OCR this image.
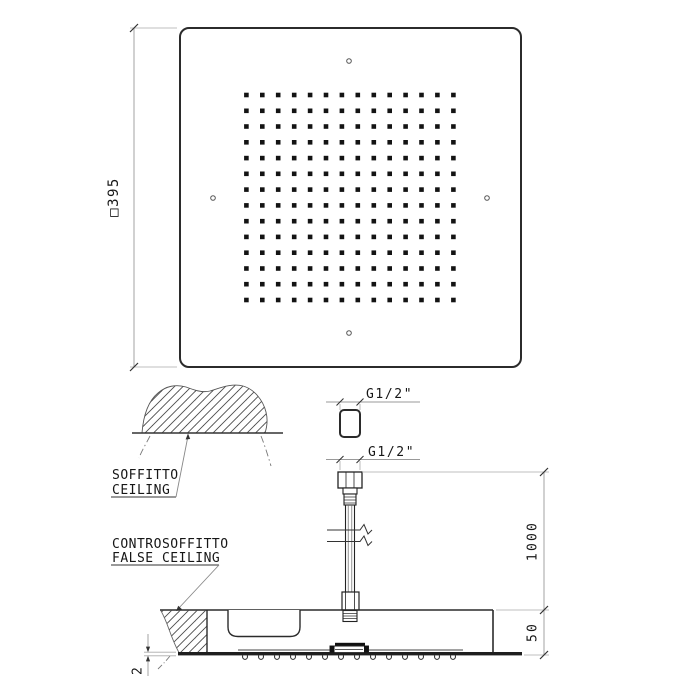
□395
SOFFITTO
CEILING
G1/2"
G1/2"
CONTROSOFFITTO
FALSE CEILING	1000
50
2
